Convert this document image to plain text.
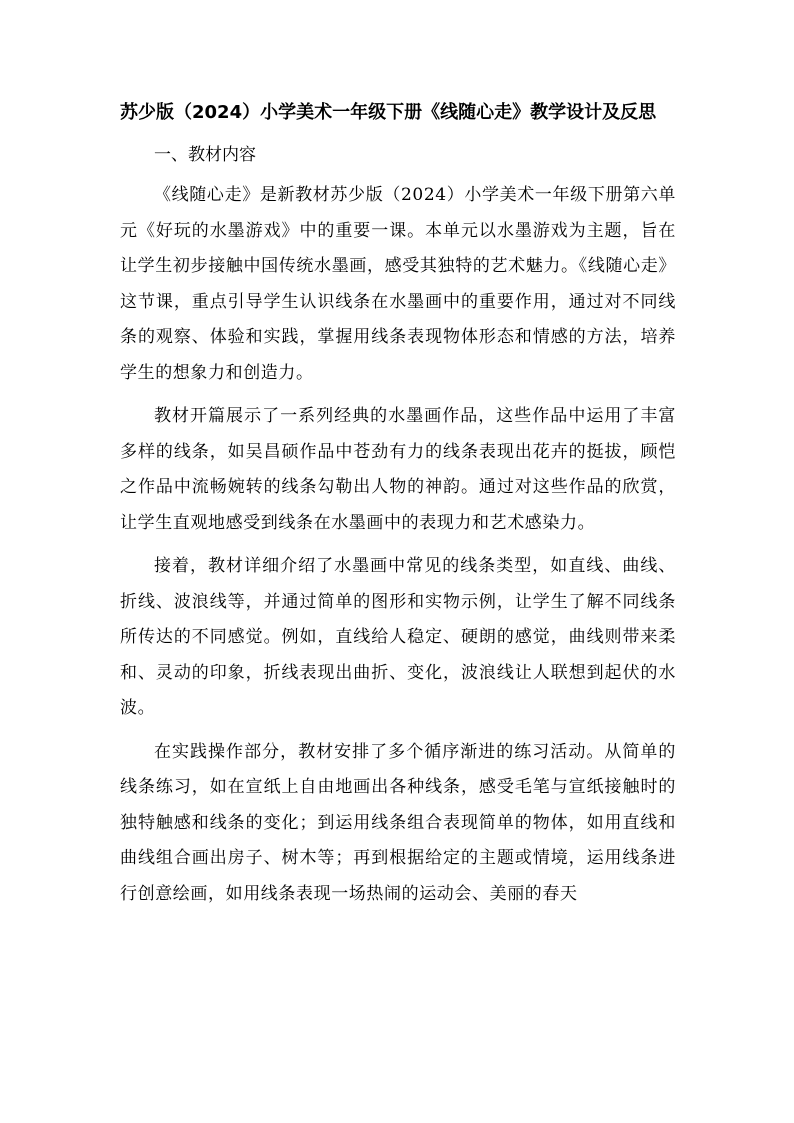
苏少版（2024）小学美术一年级下册《线随心走》教学设计及反思
一、教材内容

《线随心走》是新教材苏少版（2024）小学美术一年级下册第六单元《好玩的水墨游戏》中的重要一课。本单元以水墨游戏为主题，旨在让学生初步接触中国传统水墨画，感受其独特的艺术魅力。《线随心走》这节课，重点引导学生认识线条在水墨画中的重要作用，通过对不同线条的观察、体验和实践，掌握用线条表现物体形态和情感的方法，培养学生的想象力和创造力。

教材开篇展示了一系列经典的水墨画作品，这些作品中运用了丰富多样的线条，如吴昌硕作品中苍劲有力的线条表现出花卉的挺拔，顾恺之作品中流畅婉转的线条勾勒出人物的神韵。通过对这些作品的欣赏，让学生直观地感受到线条在水墨画中的表现力和艺术感染力。

接着，教材详细介绍了水墨画中常见的线条类型，如直线、曲线、折线、波浪线等，并通过简单的图形和实物示例，让学生了解不同线条所传达的不同感觉。例如，直线给人稳定、硬朗的感觉，曲线则带来柔和、灵动的印象，折线表现出曲折、变化，波浪线让人联想到起伏的水波。

在实践操作部分，教材安排了多个循序渐进的练习活动。从简单的线条练习，如在宣纸上自由地画出各种线条，感受毛笔与宣纸接触时的独特触感和线条的变化；到运用线条组合表现简单的物体，如用直线和曲线组合画出房子、树木等；再到根据给定的主题或情境，运用线条进行创意绘画，如用线条表现一场热闹的运动会、美丽的春天
